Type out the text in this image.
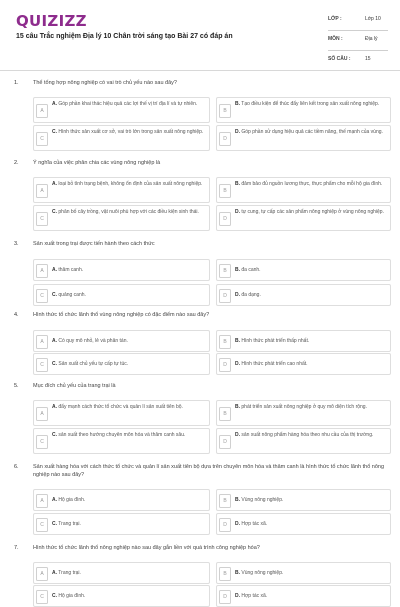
QUIZIZZ
15 câu Trắc nghiệm Địa lý 10 Chân trời sáng tạo Bài 27 có đáp án
LỚP :	Lớp 10
MÔN :	Địa lý
SỐ CÂU :	15
1.	Thể tổng hợp nông nghiệp có vai trò chủ yếu nào sau đây?
A
A. Góp phần khai thác hiệu quả các lợi thế vị trí địa lí và tự nhiên.
B
B. Tạo điều kiện để thúc đẩy liên kết trong sản xuất nông nghiệp.
C
C. Hình thức sản xuất cơ sở, vai trò lớn trong sản xuất nông nghiệp.
D
D. Góp phần sử dụng hiệu quả các tiềm năng, thế mạnh của vùng.
2.	Ý nghĩa của việc phân chia các vùng nông nghiệp là
A
A. loại bỏ tình trạng bệnh, không ổn định của sản xuất nông nghiệp.
B
B. đảm bảo đủ nguồn lương thực, thực phẩm cho mỗi hộ gia đình.
C
C. phân bố cây trồng, vật nuôi phù hợp với các điều kiện sinh thái.
D
D. tự cung, tự cấp các sản phẩm nông nghiệp ở vùng nông nghiệp.
3.	Sản xuất trong trại được tiến hành theo cách thức
A	A. thâm canh.	B	B. đa canh.
C	C. quảng canh.	D	D. đa dạng.
4.	Hình thức tổ chức lãnh thổ vùng nông nghiệp có đặc điểm nào sau đây?
A	A. Có quy mô nhỏ, lẻ và phân tán.	B	B. Hình thức phát triển thấp nhất.
C	C. Sản xuất chủ yếu tự cấp tự túc.	D	D. Hình thức phát triển cao nhất.
5.	Mục đích chủ yếu của trang trại là
A
A. đẩy mạnh cách thức tổ chức và quản lí sản xuất tiên bộ.
B
B. phát triển sản xuất nông nghiệp ở quy mô diện tích rộng.
C
C. sản xuất theo hướng chuyên môn hóa và thâm canh sâu.
D
D. sản xuất nông phẩm hàng hóa theo nhu cầu của thị trường.
6.	Sản xuất hàng hóa với cách thức tổ chức và quản lí sản xuất tiên bộ dựa trên chuyên môn hóa và thâm canh là hình thức tổ chức lãnh thổ nông nghiệp nào sau đây?
A	A. Hộ gia đình.	B	B. Vùng nông nghiệp.
C	C. Trang trại.	D	D. Hợp tác xã.
7.	Hình thức tổ chức lãnh thổ nông nghiệp nào sau đây gắn liền với quá trình công nghiệp hóa?
A	A. Trang trại.	B	B. Vùng nông nghiệp.
C	C. Hộ gia đình.	D	D. Hợp tác xã.
